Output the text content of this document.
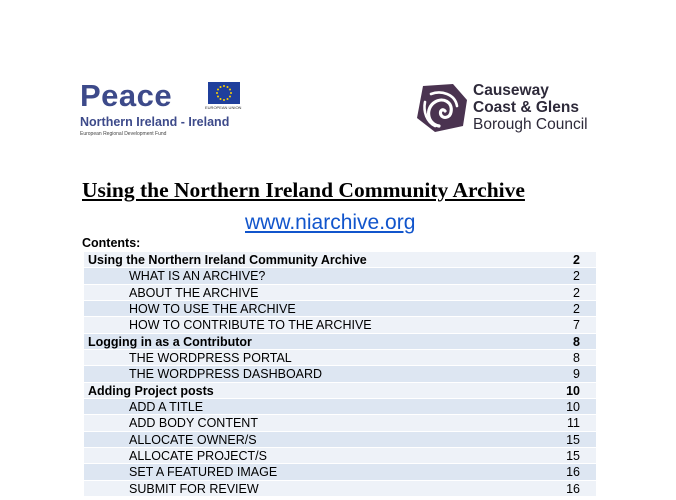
Peace	EUROPEAN UNION
Northern Ireland - Ireland
European Regional Development Fund
Causeway
Coast & Glens
Borough Council
Using the Northern Ireland Community Archive
www.niarchive.org
Contents:
Using the Northern Ireland Community Archive	2
WHAT IS AN ARCHIVE?	2
ABOUT THE ARCHIVE	2
HOW TO USE THE ARCHIVE	2
HOW TO CONTRIBUTE TO THE ARCHIVE	7
Logging in as a Contributor	8
THE WORDPRESS PORTAL	8
THE WORDPRESS DASHBOARD	9
Adding Project posts	10
ADD A TITLE	10
ADD BODY CONTENT	11
ALLOCATE OWNER/S	15
ALLOCATE PROJECT/S	15
SET A FEATURED IMAGE	16
SUBMIT FOR REVIEW	16
